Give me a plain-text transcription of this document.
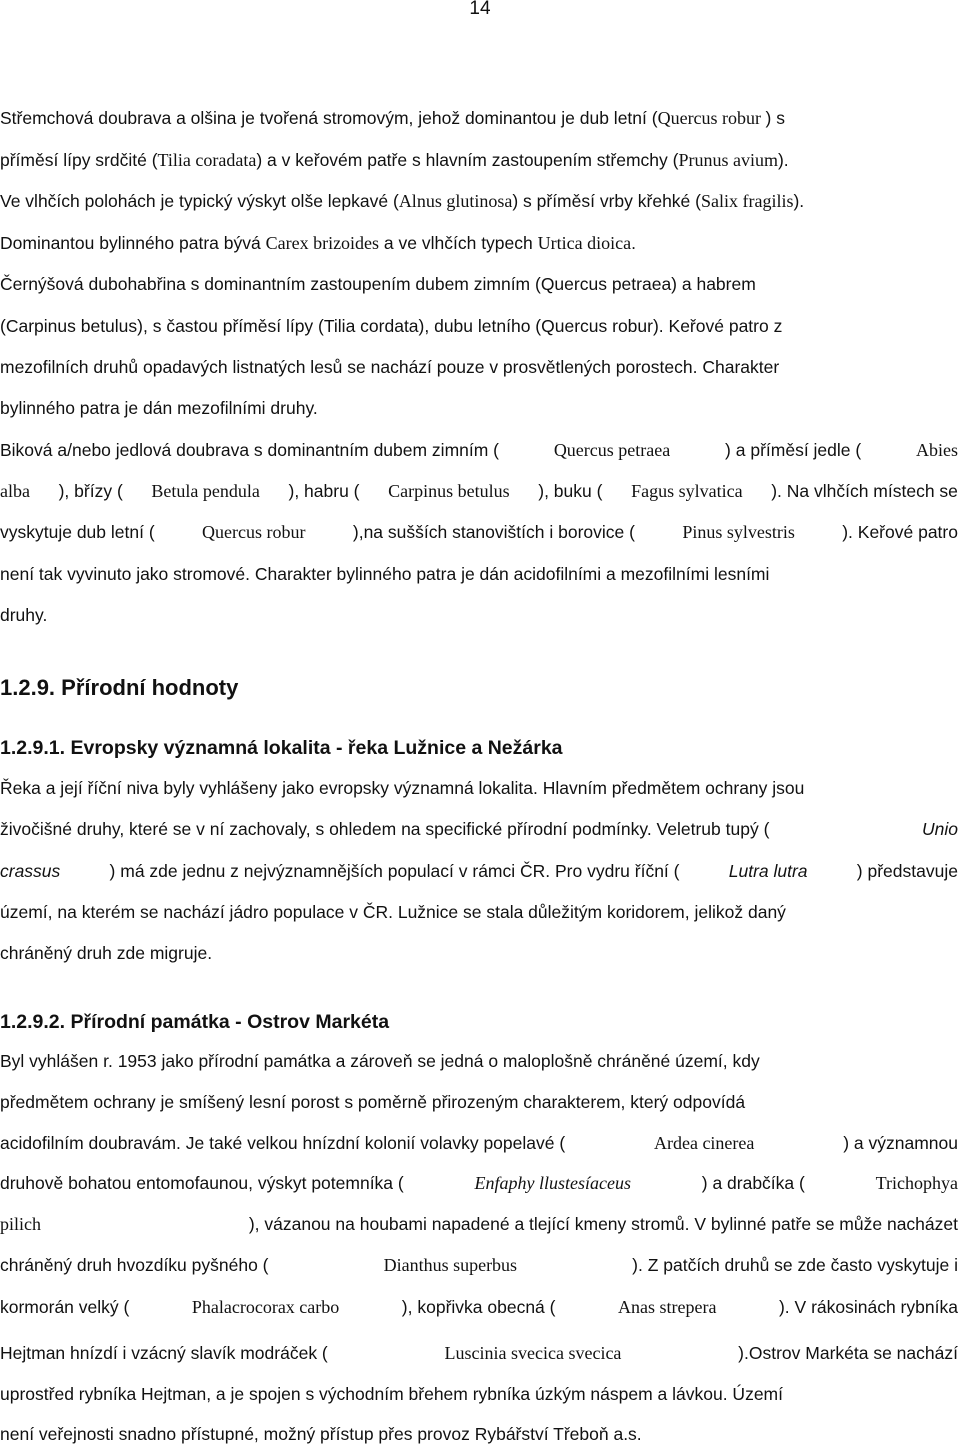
14
Střemchová doubrava a olšina je tvořená stromovým, jehož dominantou je dub letní (Quercus robur ) s
příměsí lípy srdčité (Tilia coradata) a v keřovém patře s hlavním zastoupením střemchy (Prunus avium).
Ve vlhčích polohách je typický výskyt olše lepkavé (Alnus glutinosa) s příměsí vrby křehké (Salix fragilis).
Dominantou bylinného patra bývá Carex brizoides a ve vlhčích typech Urtica dioica.
Černýšová dubohabřina s dominantním zastoupením dubem zimním (Quercus petraea) a habrem
(Carpinus betulus), s častou příměsí lípy (Tilia cordata), dubu letního (Quercus robur). Keřové patro z
mezofilních druhů opadavých listnatých lesů se nachází pouze v prosvětlených porostech. Charakter
bylinného patra je dán mezofilními druhy.
Biková a/nebo jedlová doubrava s dominantním dubem zimním (	Quercus petraea	) a příměsí jedle (	Abies
alba ), břízy ( Betula pendula ), habru ( Carpinus betulus ), buku ( Fagus sylvatica ). Na vlhčích místech se
vyskytuje dub letní (	Quercus robur	),na sušších stanovištích i borovice (	Pinus sylvestris	). Keřové patro
není tak vyvinuto jako stromové. Charakter bylinného patra je dán acidofilními a mezofilními lesními
druhy.
1.2.9. Přírodní hodnoty
1.2.9.1. Evropsky významná lokalita - řeka Lužnice a Nežárka
Řeka a její říční niva byly vyhlášeny jako evropsky významná lokalita. Hlavním předmětem ochrany jsou
živočišné druhy, které se v ní zachovaly, s ohledem na specifické přírodní podmínky. Veletrub tupý (	Unio
crassus	) má zde jednu z nejvýznamnějších populací v rámci ČR. Pro vydru říční (	Lutra lutra	) představuje
území, na kterém se nachází jádro populace v ČR. Lužnice se stala důležitým koridorem, jelikož daný
chráněný druh zde migruje.
1.2.9.2. Přírodní památka - Ostrov Markéta
Byl vyhlášen r. 1953 jako přírodní památka a zároveň se jedná o maloplošně chráněné území, kdy
předmětem ochrany je smíšený lesní porost s poměrně přirozeným charakterem, který odpovídá
acidofilním doubravám. Je také velkou hnízdní kolonií volavky popelavé (	Ardea cinerea	) a významnou
druhově bohatou entomofaunou, výskyt potemníka (	Enfaphy llustesíaceus	) a drabčíka (	Trichophya
pilich	), vázanou na houbami napadené a tlející kmeny stromů. V bylinné patře se může nacházet
chráněný druh hvozdíku pyšného (	Dianthus superbus	). Z patčích druhů se zde často vyskytuje i
kormorán velký (	Phalacrocorax carbo	), kopřivka obecná (	Anas strepera	). V rákosinách rybníka
Hejtman hnízdí i vzácný slavík modráček (	Luscinia svecica svecica	).Ostrov Markéta se nachází
uprostřed rybníka Hejtman, a je spojen s východním břehem rybníka úzkým náspem a lávkou. Území
není veřejnosti snadno přístupné, možný přístup přes provoz Rybářství Třeboň a.s.
